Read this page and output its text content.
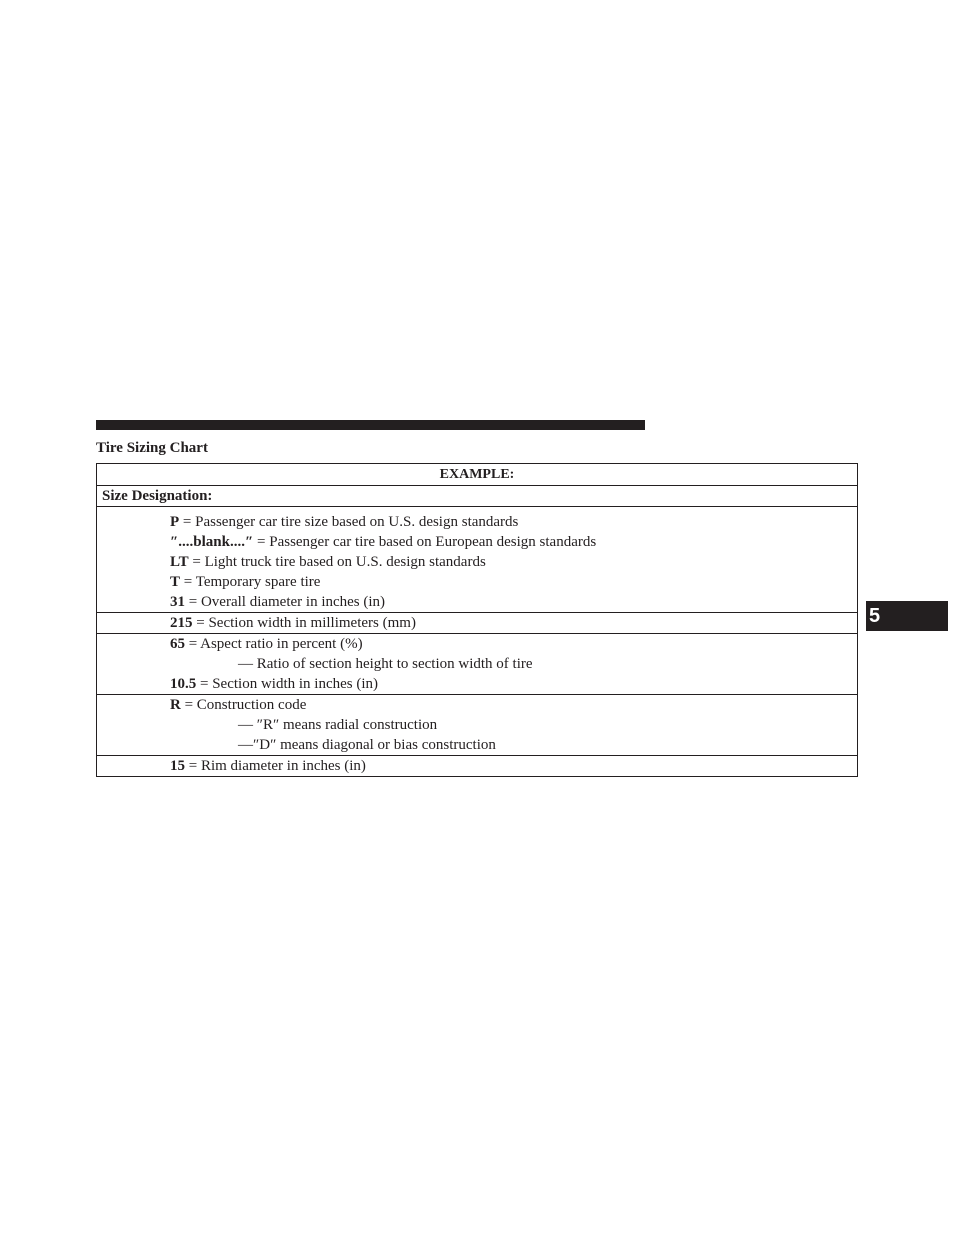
Tire Sizing Chart
EXAMPLE:
Size Designation:
P = Passenger car tire size based on U.S. design standards
″....blank....″ = Passenger car tire based on European design standards
LT = Light truck tire based on U.S. design standards
T = Temporary spare tire
31 = Overall diameter in inches (in)
215 = Section width in millimeters (mm)
65 = Aspect ratio in percent (%)
— Ratio of section height to section width of tire
10.5 = Section width in inches (in)
R = Construction code
— ″R″ means radial construction
—″D″ means diagonal or bias construction
15 = Rim diameter in inches (in)
5
